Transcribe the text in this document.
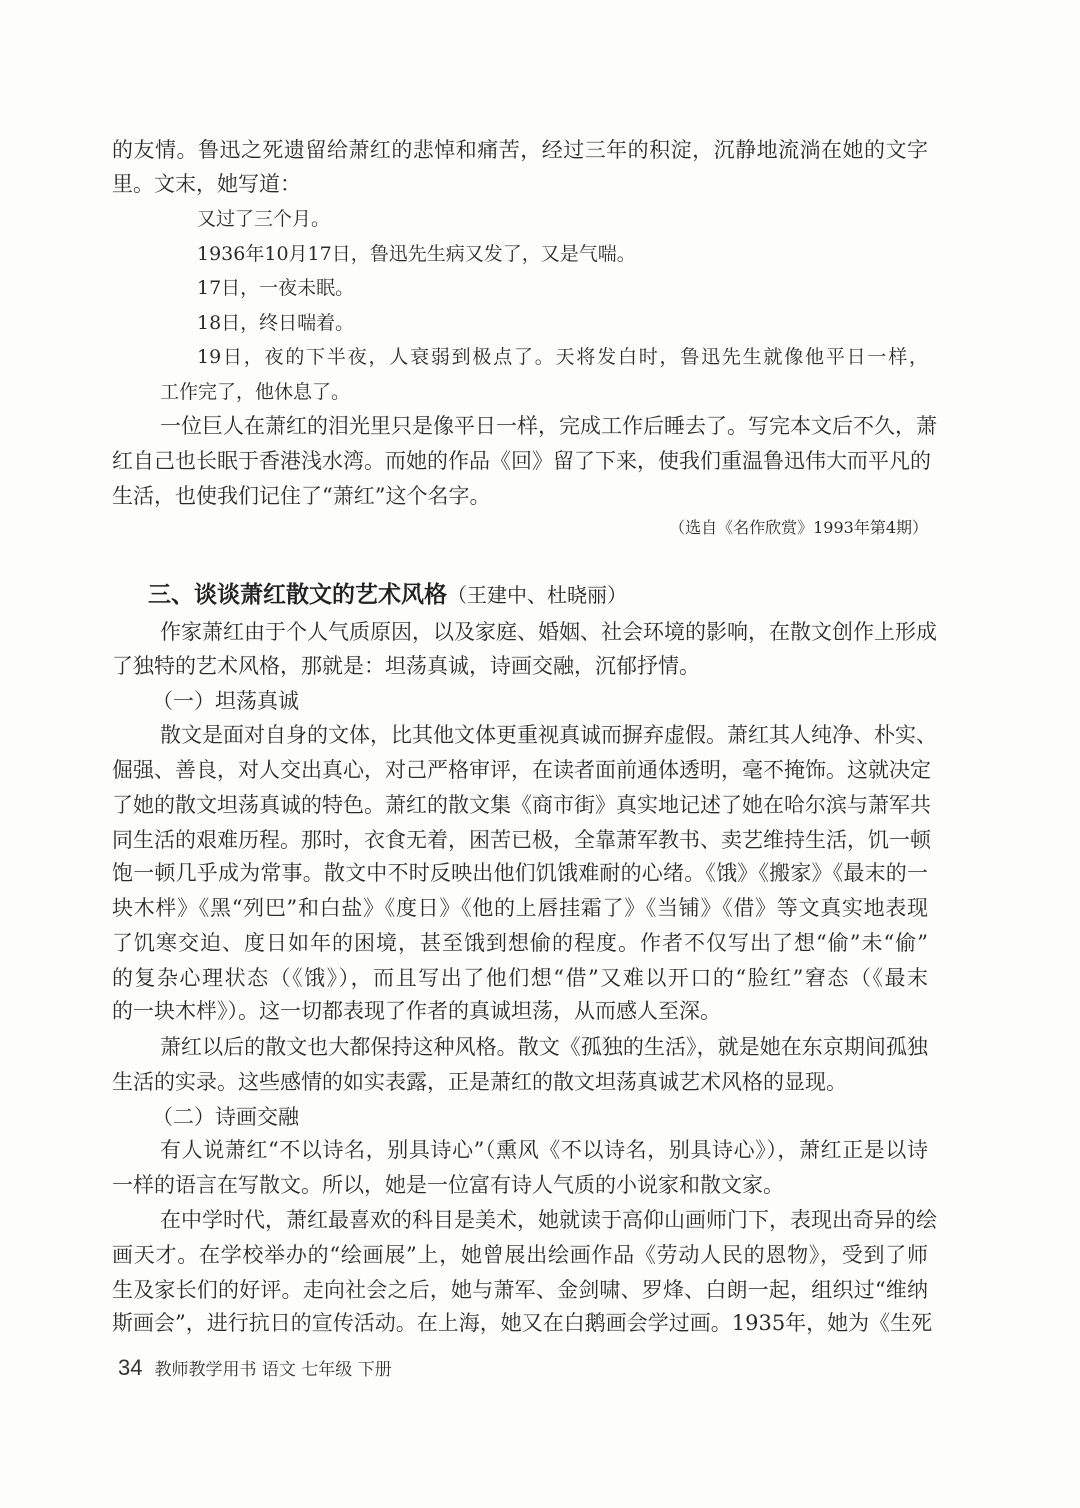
的友情。鲁迅之死遗留给萧红的悲悼和痛苦，经过三年的积淀，沉静地流淌在她的文字
里。文末，她写道：
又过了三个月。
1936年10月17日，鲁迅先生病又发了，又是气喘。
17日，一夜未眠。
18日，终日喘着。
19日，夜的下半夜，人衰弱到极点了。天将发白时，鲁迅先生就像他平日一样，
工作完了，他休息了。
一位巨人在萧红的泪光里只是像平日一样，完成工作后睡去了。写完本文后不久，萧
红自己也长眠于香港浅水湾。而她的作品《回》留了下来，使我们重温鲁迅伟大而平凡的
生活，也使我们记住了“萧红”这个名字。
（选自《名作欣赏》1993年第4期）
三、谈谈萧红散文的艺术风格（王建中、杜晓丽）
作家萧红由于个人气质原因，以及家庭、婚姻、社会环境的影响，在散文创作上形成
了独特的艺术风格，那就是：坦荡真诚，诗画交融，沉郁抒情。
（一）坦荡真诚
散文是面对自身的文体，比其他文体更重视真诚而摒弃虚假。萧红其人纯净、朴实、
倔强、善良，对人交出真心，对己严格审评，在读者面前通体透明，毫不掩饰。这就决定
了她的散文坦荡真诚的特色。萧红的散文集《商市街》真实地记述了她在哈尔滨与萧军共
同生活的艰难历程。那时，衣食无着，困苦已极，全靠萧军教书、卖艺维持生活，饥一顿
饱一顿几乎成为常事。散文中不时反映出他们饥饿难耐的心绪。《饿》《搬家》《最末的一
块木柈》《黑“列巴”和白盐》《度日》《他的上唇挂霜了》《当铺》《借》等文真实地表现
了饥寒交迫、度日如年的困境，甚至饿到想偷的程度。作者不仅写出了想“偷”未“偷”
的复杂心理状态（《饿》），而且写出了他们想“借”又难以开口的“脸红”窘态（《最末
的一块木柈》）。这一切都表现了作者的真诚坦荡，从而感人至深。
萧红以后的散文也大都保持这种风格。散文《孤独的生活》，就是她在东京期间孤独
生活的实录。这些感情的如实表露，正是萧红的散文坦荡真诚艺术风格的显现。
（二）诗画交融
有人说萧红“不以诗名，别具诗心”（熏风《不以诗名，别具诗心》），萧红正是以诗
一样的语言在写散文。所以，她是一位富有诗人气质的小说家和散文家。
在中学时代，萧红最喜欢的科目是美术，她就读于高仰山画师门下，表现出奇异的绘
画天才。在学校举办的“绘画展”上，她曾展出绘画作品《劳动人民的恩物》，受到了师
生及家长们的好评。走向社会之后，她与萧军、金剑啸、罗烽、白朗一起，组织过“维纳
斯画会”，进行抗日的宣传活动。在上海，她又在白鹅画会学过画。1935年，她为《生死
34 教师教学用书 语文 七年级 下册
